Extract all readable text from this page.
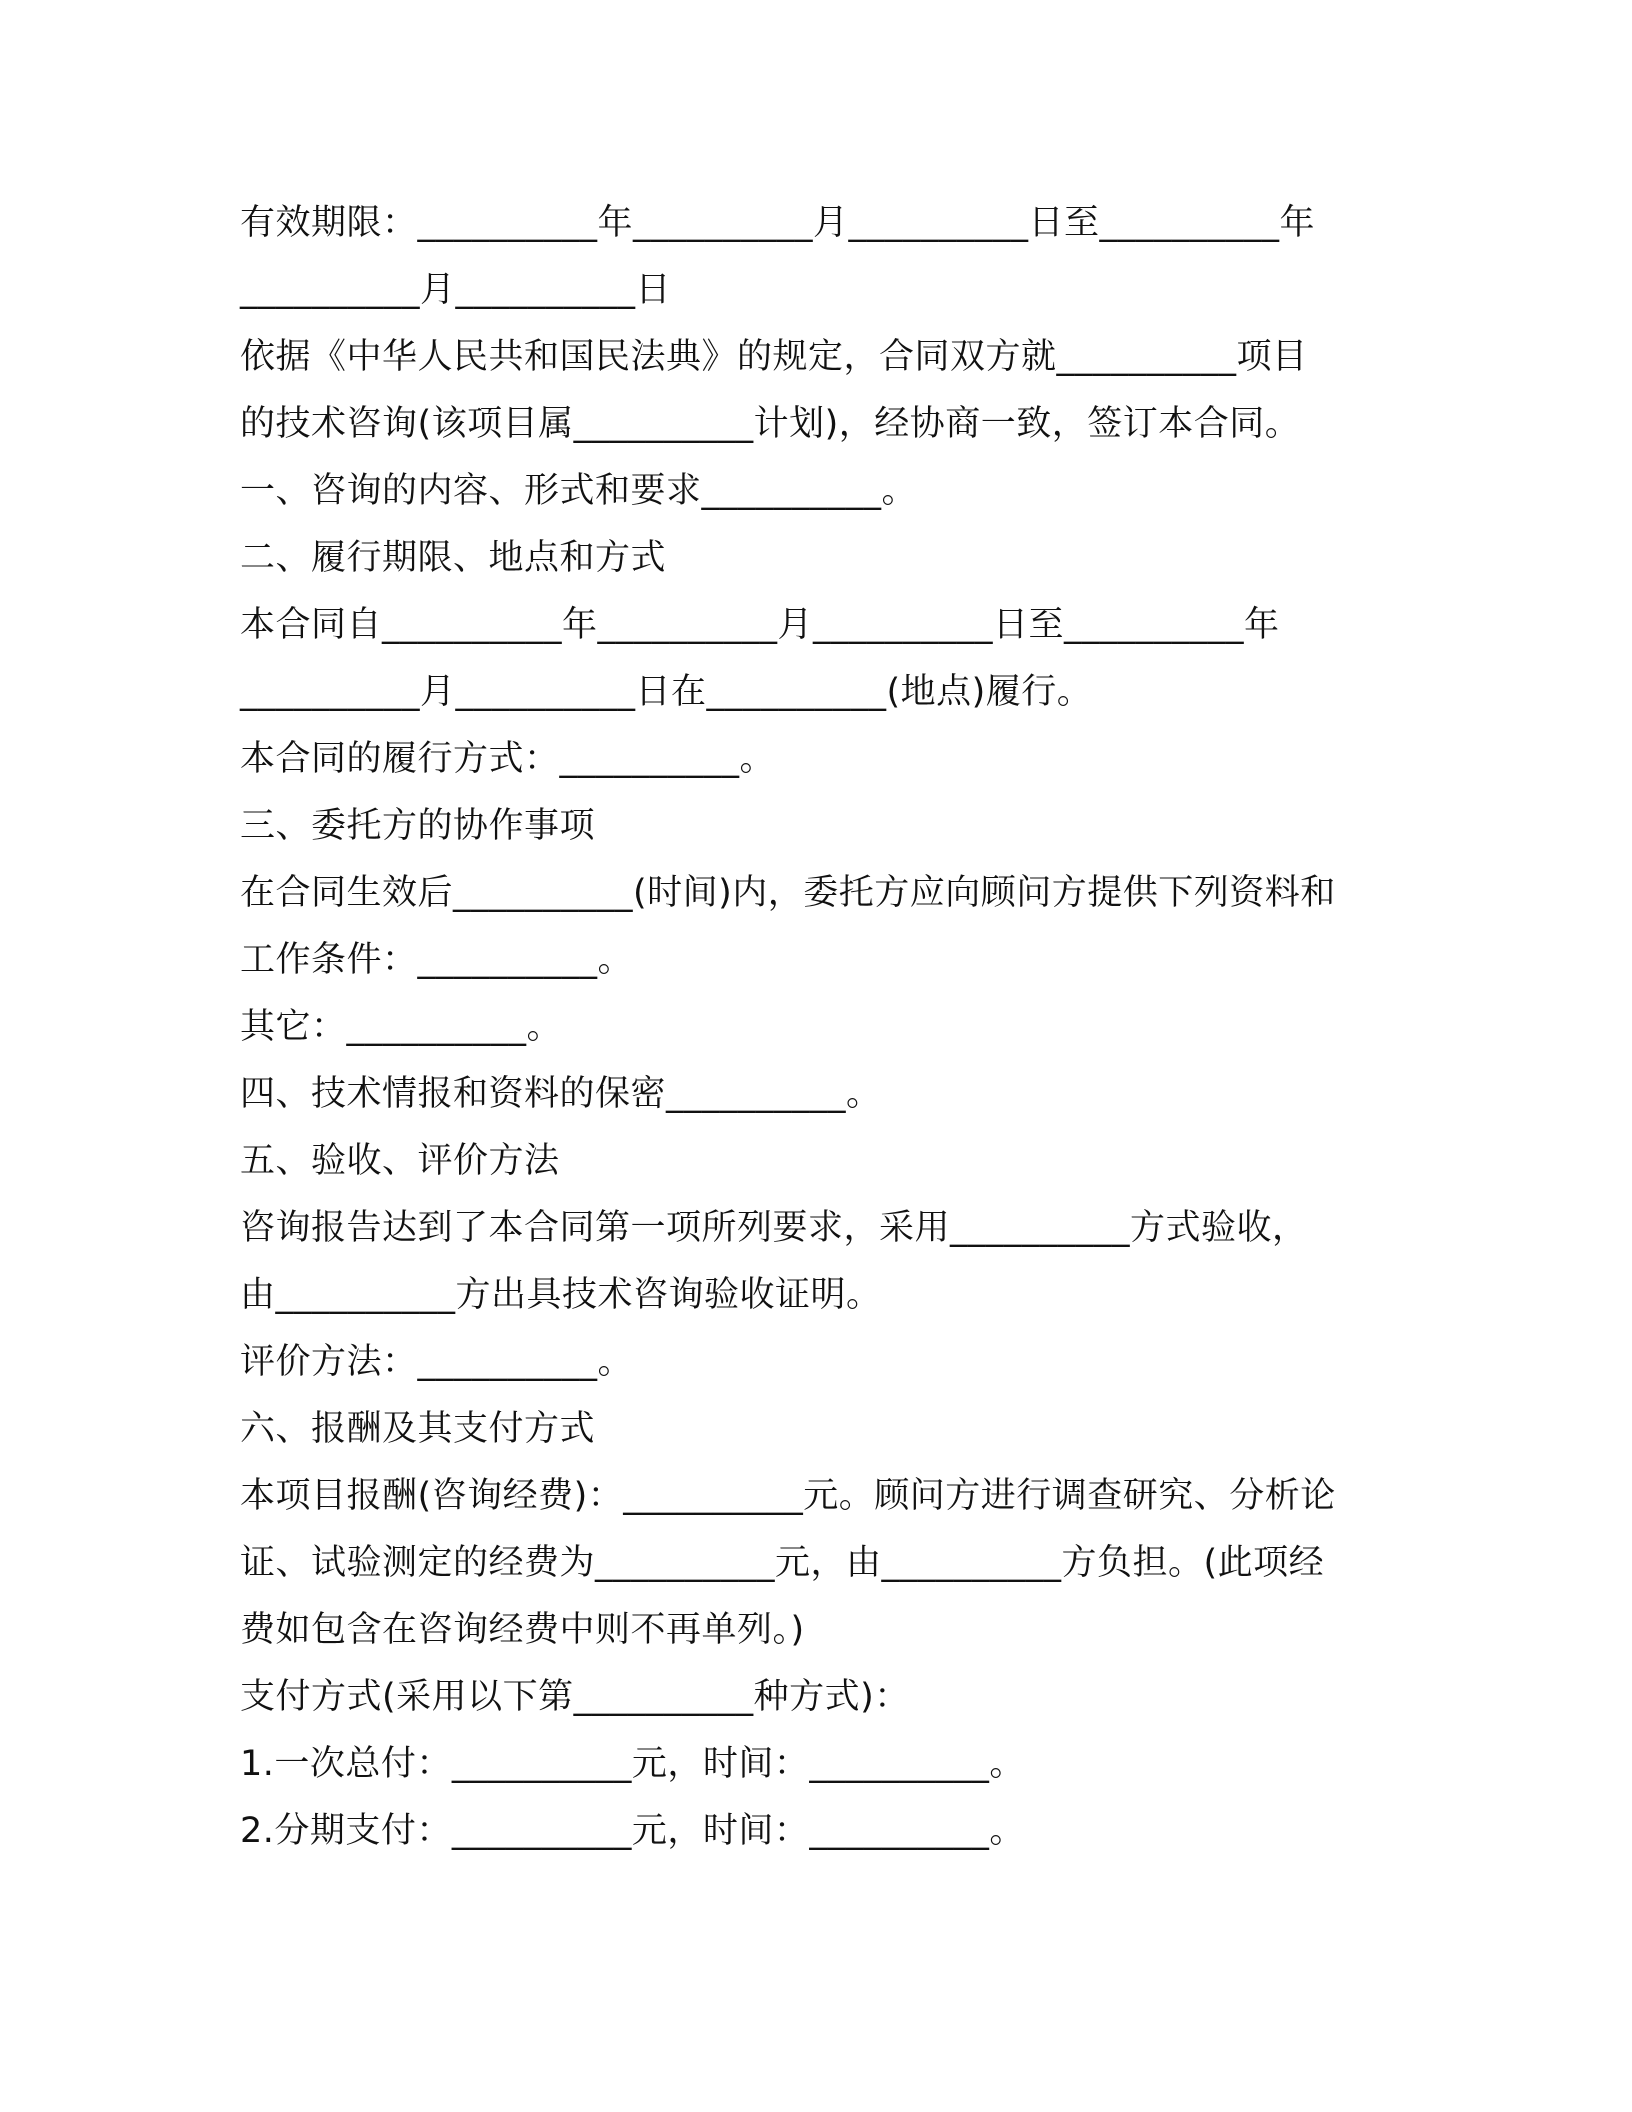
有效期限：__________年__________月__________日至__________年
__________月__________日
依据《中华人民共和国民法典》的规定，合同双方就__________项目
的技术咨询(该项目属__________计划)，经协商一致，签订本合同。
一、咨询的内容、形式和要求__________。
二、履行期限、地点和方式
本合同自__________年__________月__________日至__________年
__________月__________日在__________(地点)履行。
本合同的履行方式：__________。
三、委托方的协作事项
在合同生效后__________(时间)内，委托方应向顾问方提供下列资料和
工作条件：__________。
其它：__________。
四、技术情报和资料的保密__________。
五、验收、评价方法
咨询报告达到了本合同第一项所列要求，采用__________方式验收，
由__________方出具技术咨询验收证明。
评价方法：__________。
六、报酬及其支付方式
本项目报酬(咨询经费)：__________元。顾问方进行调查研究、分析论
证、试验测定的经费为__________元，由__________方负担。(此项经
费如包含在咨询经费中则不再单列。)
支付方式(采用以下第__________种方式)：
1.一次总付：__________元，时间：__________。
2.分期支付：__________元，时间：__________。
